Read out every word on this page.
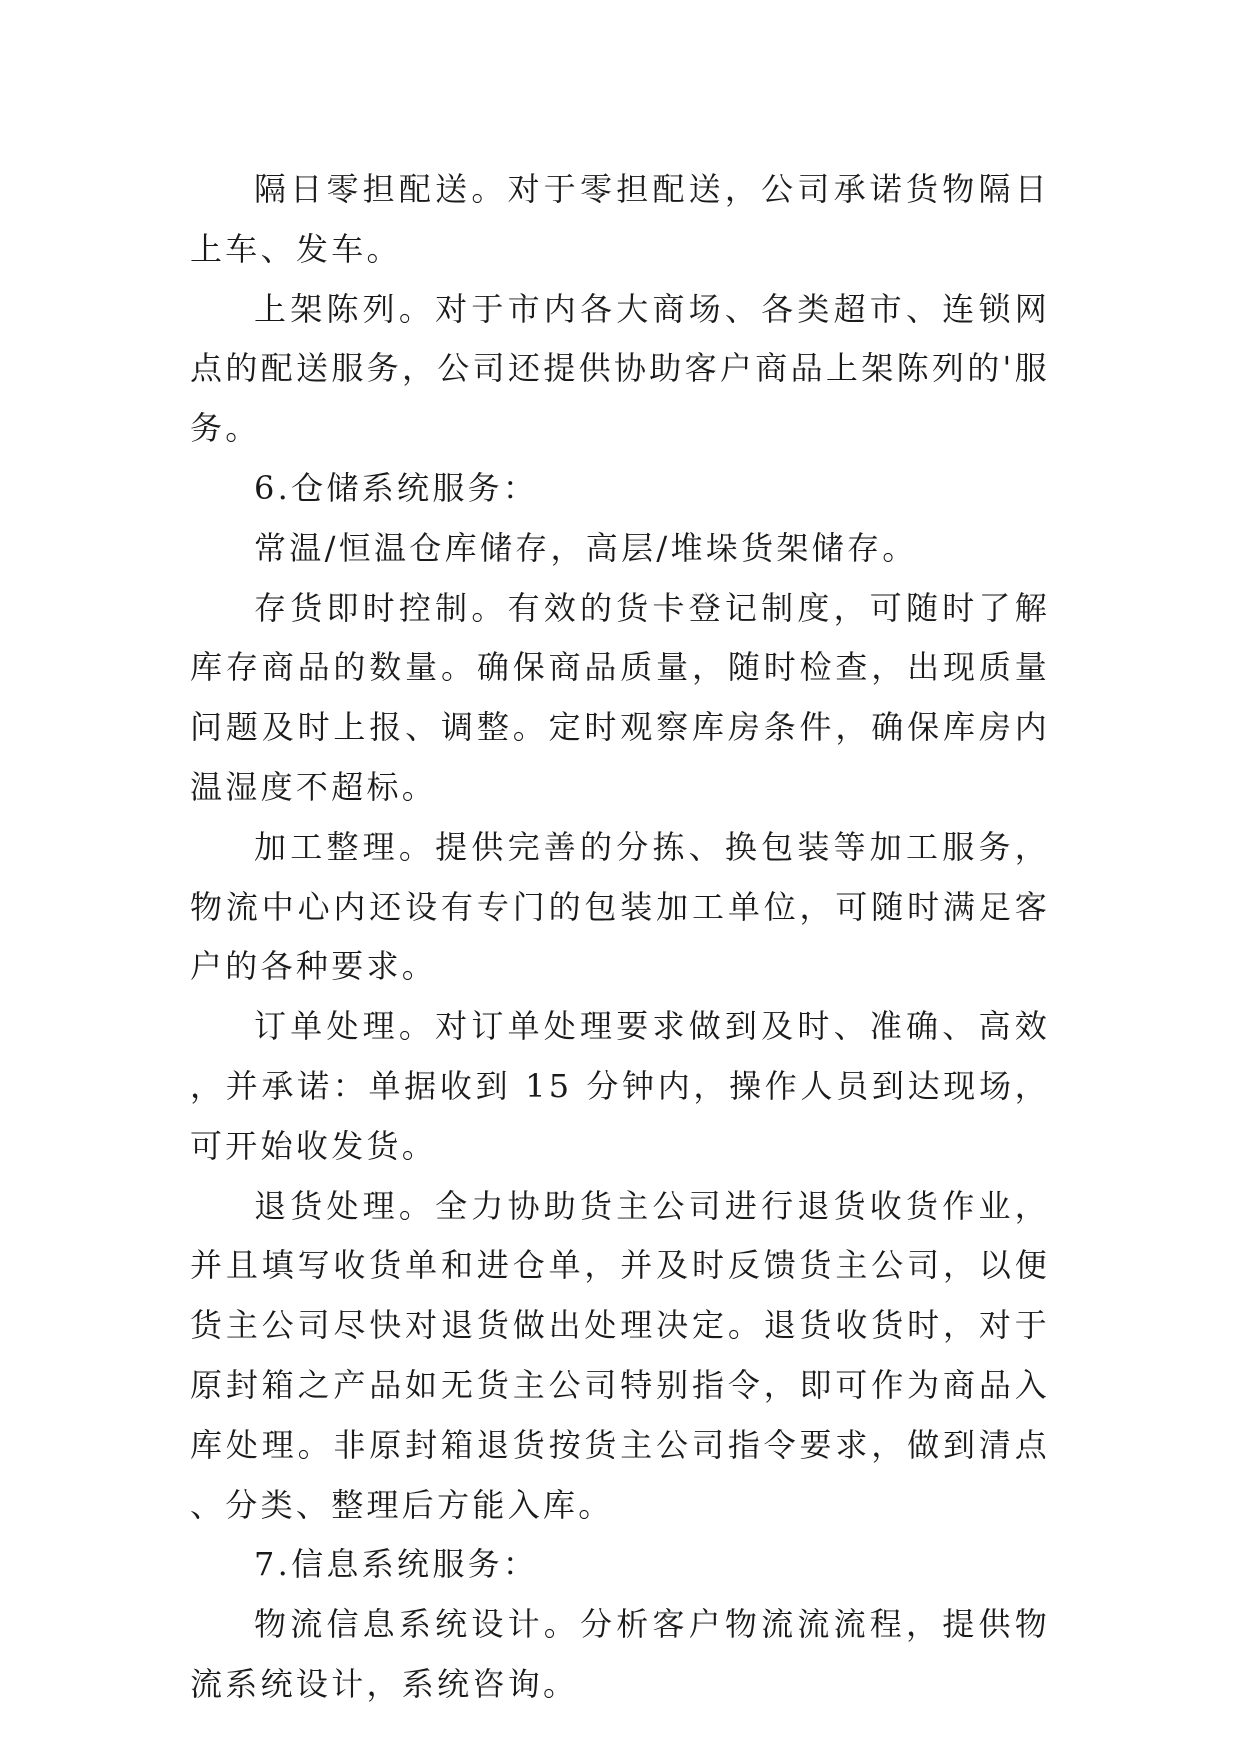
隔日零担配送。对于零担配送，公司承诺货物隔日上车、发车。

上架陈列。对于市内各大商场、各类超市、连锁网点的配送服务，公司还提供协助客户商品上架陈列的'服务。

6.仓储系统服务：

常温/恒温仓库储存，高层/堆垛货架储存。

存货即时控制。有效的货卡登记制度，可随时了解库存商品的数量。确保商品质量，随时检查，出现质量问题及时上报、调整。定时观察库房条件，确保库房内温湿度不超标。

加工整理。提供完善的分拣、换包装等加工服务，物流中心内还设有专门的包装加工单位，可随时满足客户的各种要求。

订单处理。对订单处理要求做到及时、准确、高效，并承诺：单据收到 15 分钟内，操作人员到达现场，可开始收发货。

退货处理。全力协助货主公司进行退货收货作业，并且填写收货单和进仓单，并及时反馈货主公司，以便货主公司尽快对退货做出处理决定。退货收货时，对于原封箱之产品如无货主公司特别指令，即可作为商品入库处理。非原封箱退货按货主公司指令要求，做到清点、分类、整理后方能入库。

7.信息系统服务：

物流信息系统设计。分析客户物流流流程，提供物流系统设计，系统咨询。
